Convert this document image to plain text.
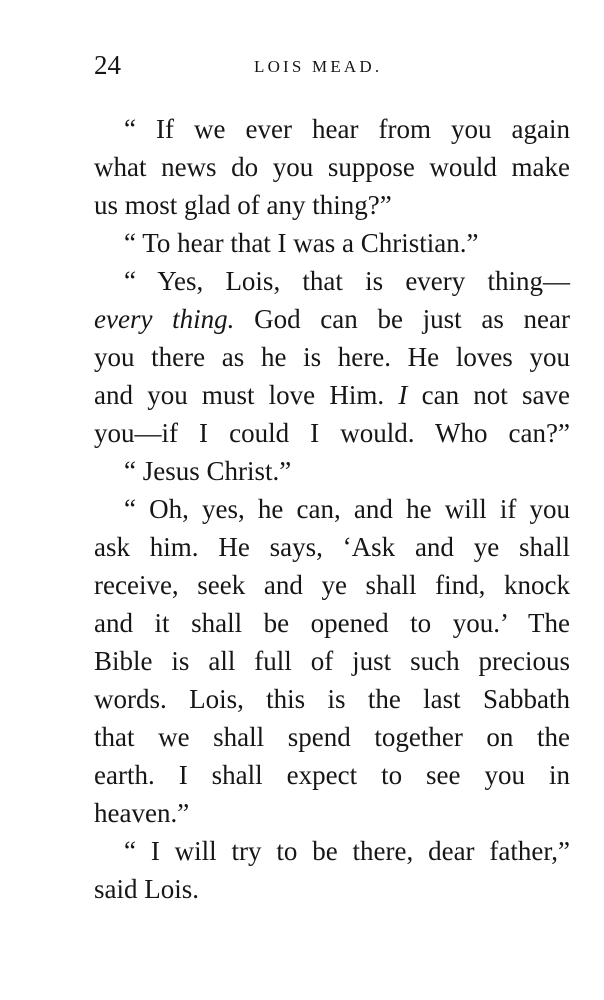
24	LOIS MEAD.
“ If we ever hear from you again
what news do you suppose would make
us most glad of any thing?”
“ To hear that I was a Christian.”
“ Yes, Lois, that is every thing—
every thing. God can be just as near
you there as he is here. He loves you
and you must love Him. I can not save
you—if I could I would. Who can?”
“ Jesus Christ.”
“ Oh, yes, he can, and he will if you
ask him. He says, ‘Ask and ye shall
receive, seek and ye shall find, knock
and it shall be opened to you.’ The
Bible is all full of just such precious
words. Lois, this is the last Sabbath
that we shall spend together on the
earth. I shall expect to see you in
heaven.”
“ I will try to be there, dear father,”
said Lois.
